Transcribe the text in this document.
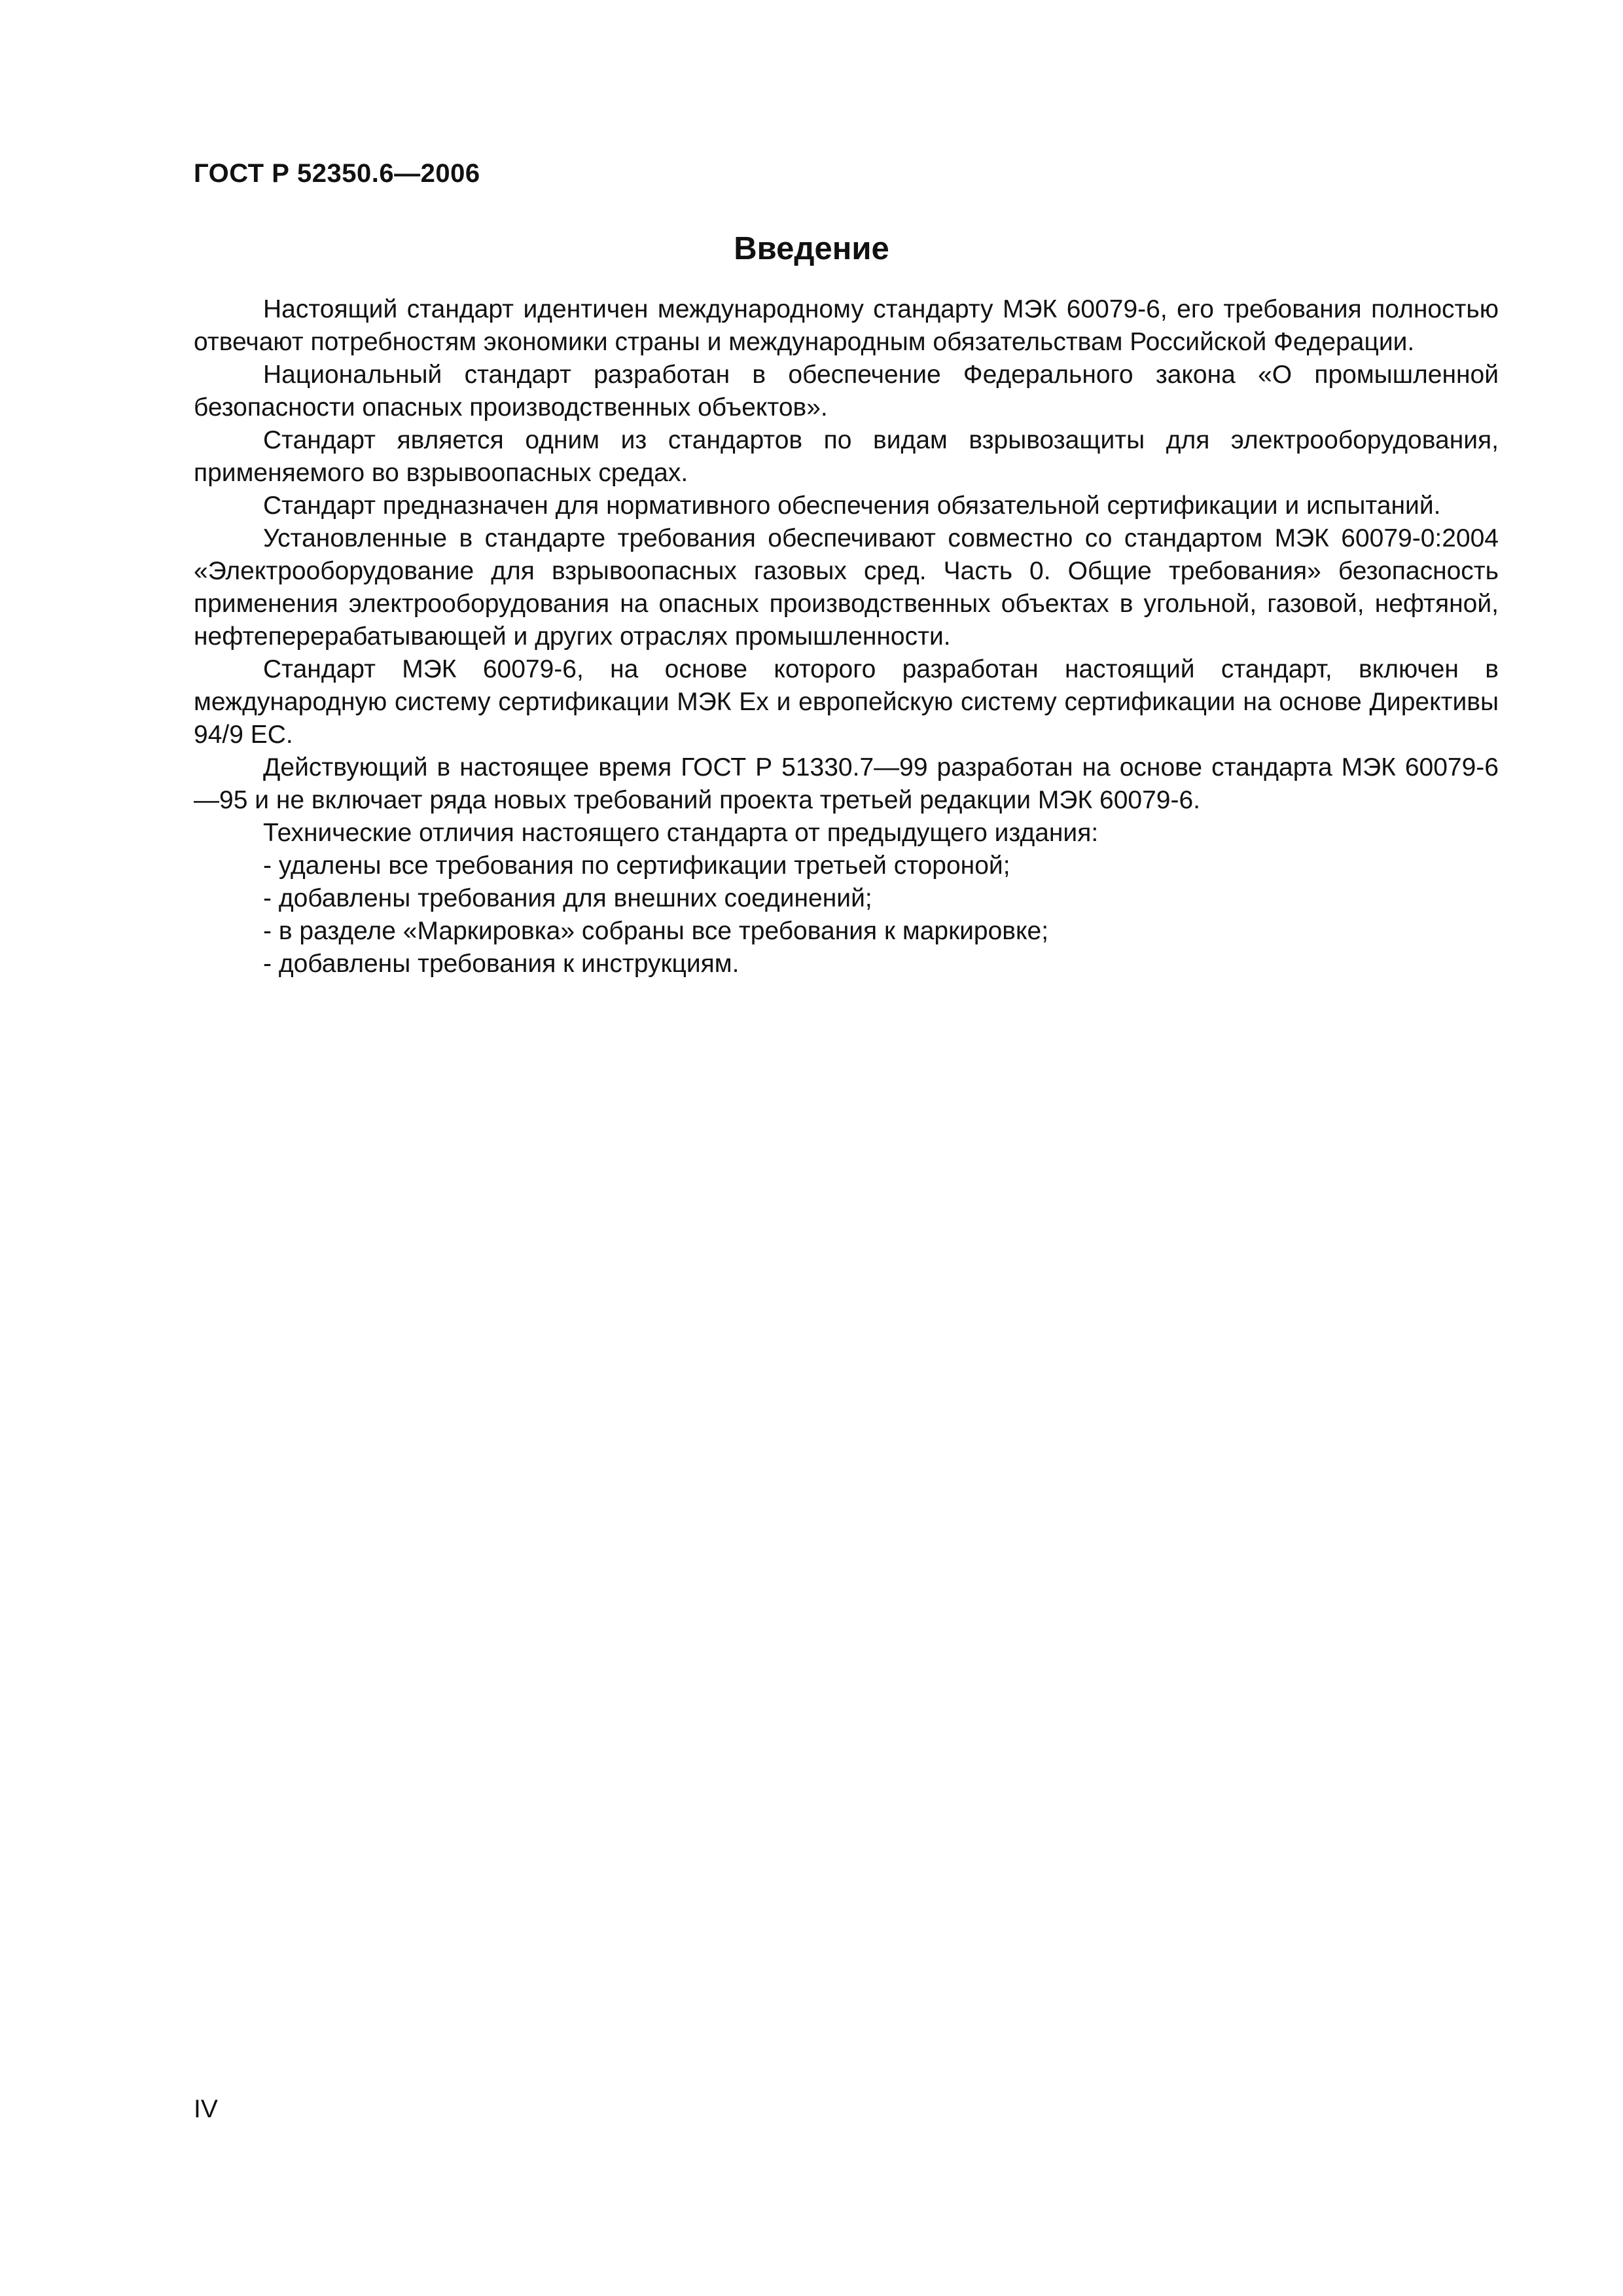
ГОСТ Р 52350.6—2006
Введение

Настоящий стандарт идентичен международному стандарту МЭК 60079-6, его требования полностью отвечают потребностям экономики страны и международным обязательствам Российской Федерации.

Национальный стандарт разработан в обеспечение Федерального закона «О промышленной безопасности опасных производственных объектов».

Стандарт является одним из стандартов по видам взрывозащиты для электрооборудования, применяемого во взрывоопасных средах.

Стандарт предназначен для нормативного обеспечения обязательной сертификации и испытаний.

Установленные в стандарте требования обеспечивают совместно со стандартом МЭК 60079-0:2004 «Электрооборудование для взрывоопасных газовых сред. Часть 0. Общие требования» безопасность применения электрооборудования на опасных производственных объектах в угольной, газовой, нефтяной, нефтеперерабатывающей и других отраслях промышленности.

Стандарт МЭК 60079-6, на основе которого разработан настоящий стандарт, включен в международную систему сертификации МЭК Ex и европейскую систему сертификации на основе Директивы 94/9 ЕС.

Действующий в настоящее время ГОСТ Р 51330.7—99 разработан на основе стандарта МЭК 60079-6—95 и не включает ряда новых требований проекта третьей редакции МЭК 60079-6.

Технические отличия настоящего стандарта от предыдущего издания:

- удалены все требования по сертификации третьей стороной;

- добавлены требования для внешних соединений;

- в разделе «Маркировка» собраны все требования к маркировке;

- добавлены требования к инструкциям.

IV
